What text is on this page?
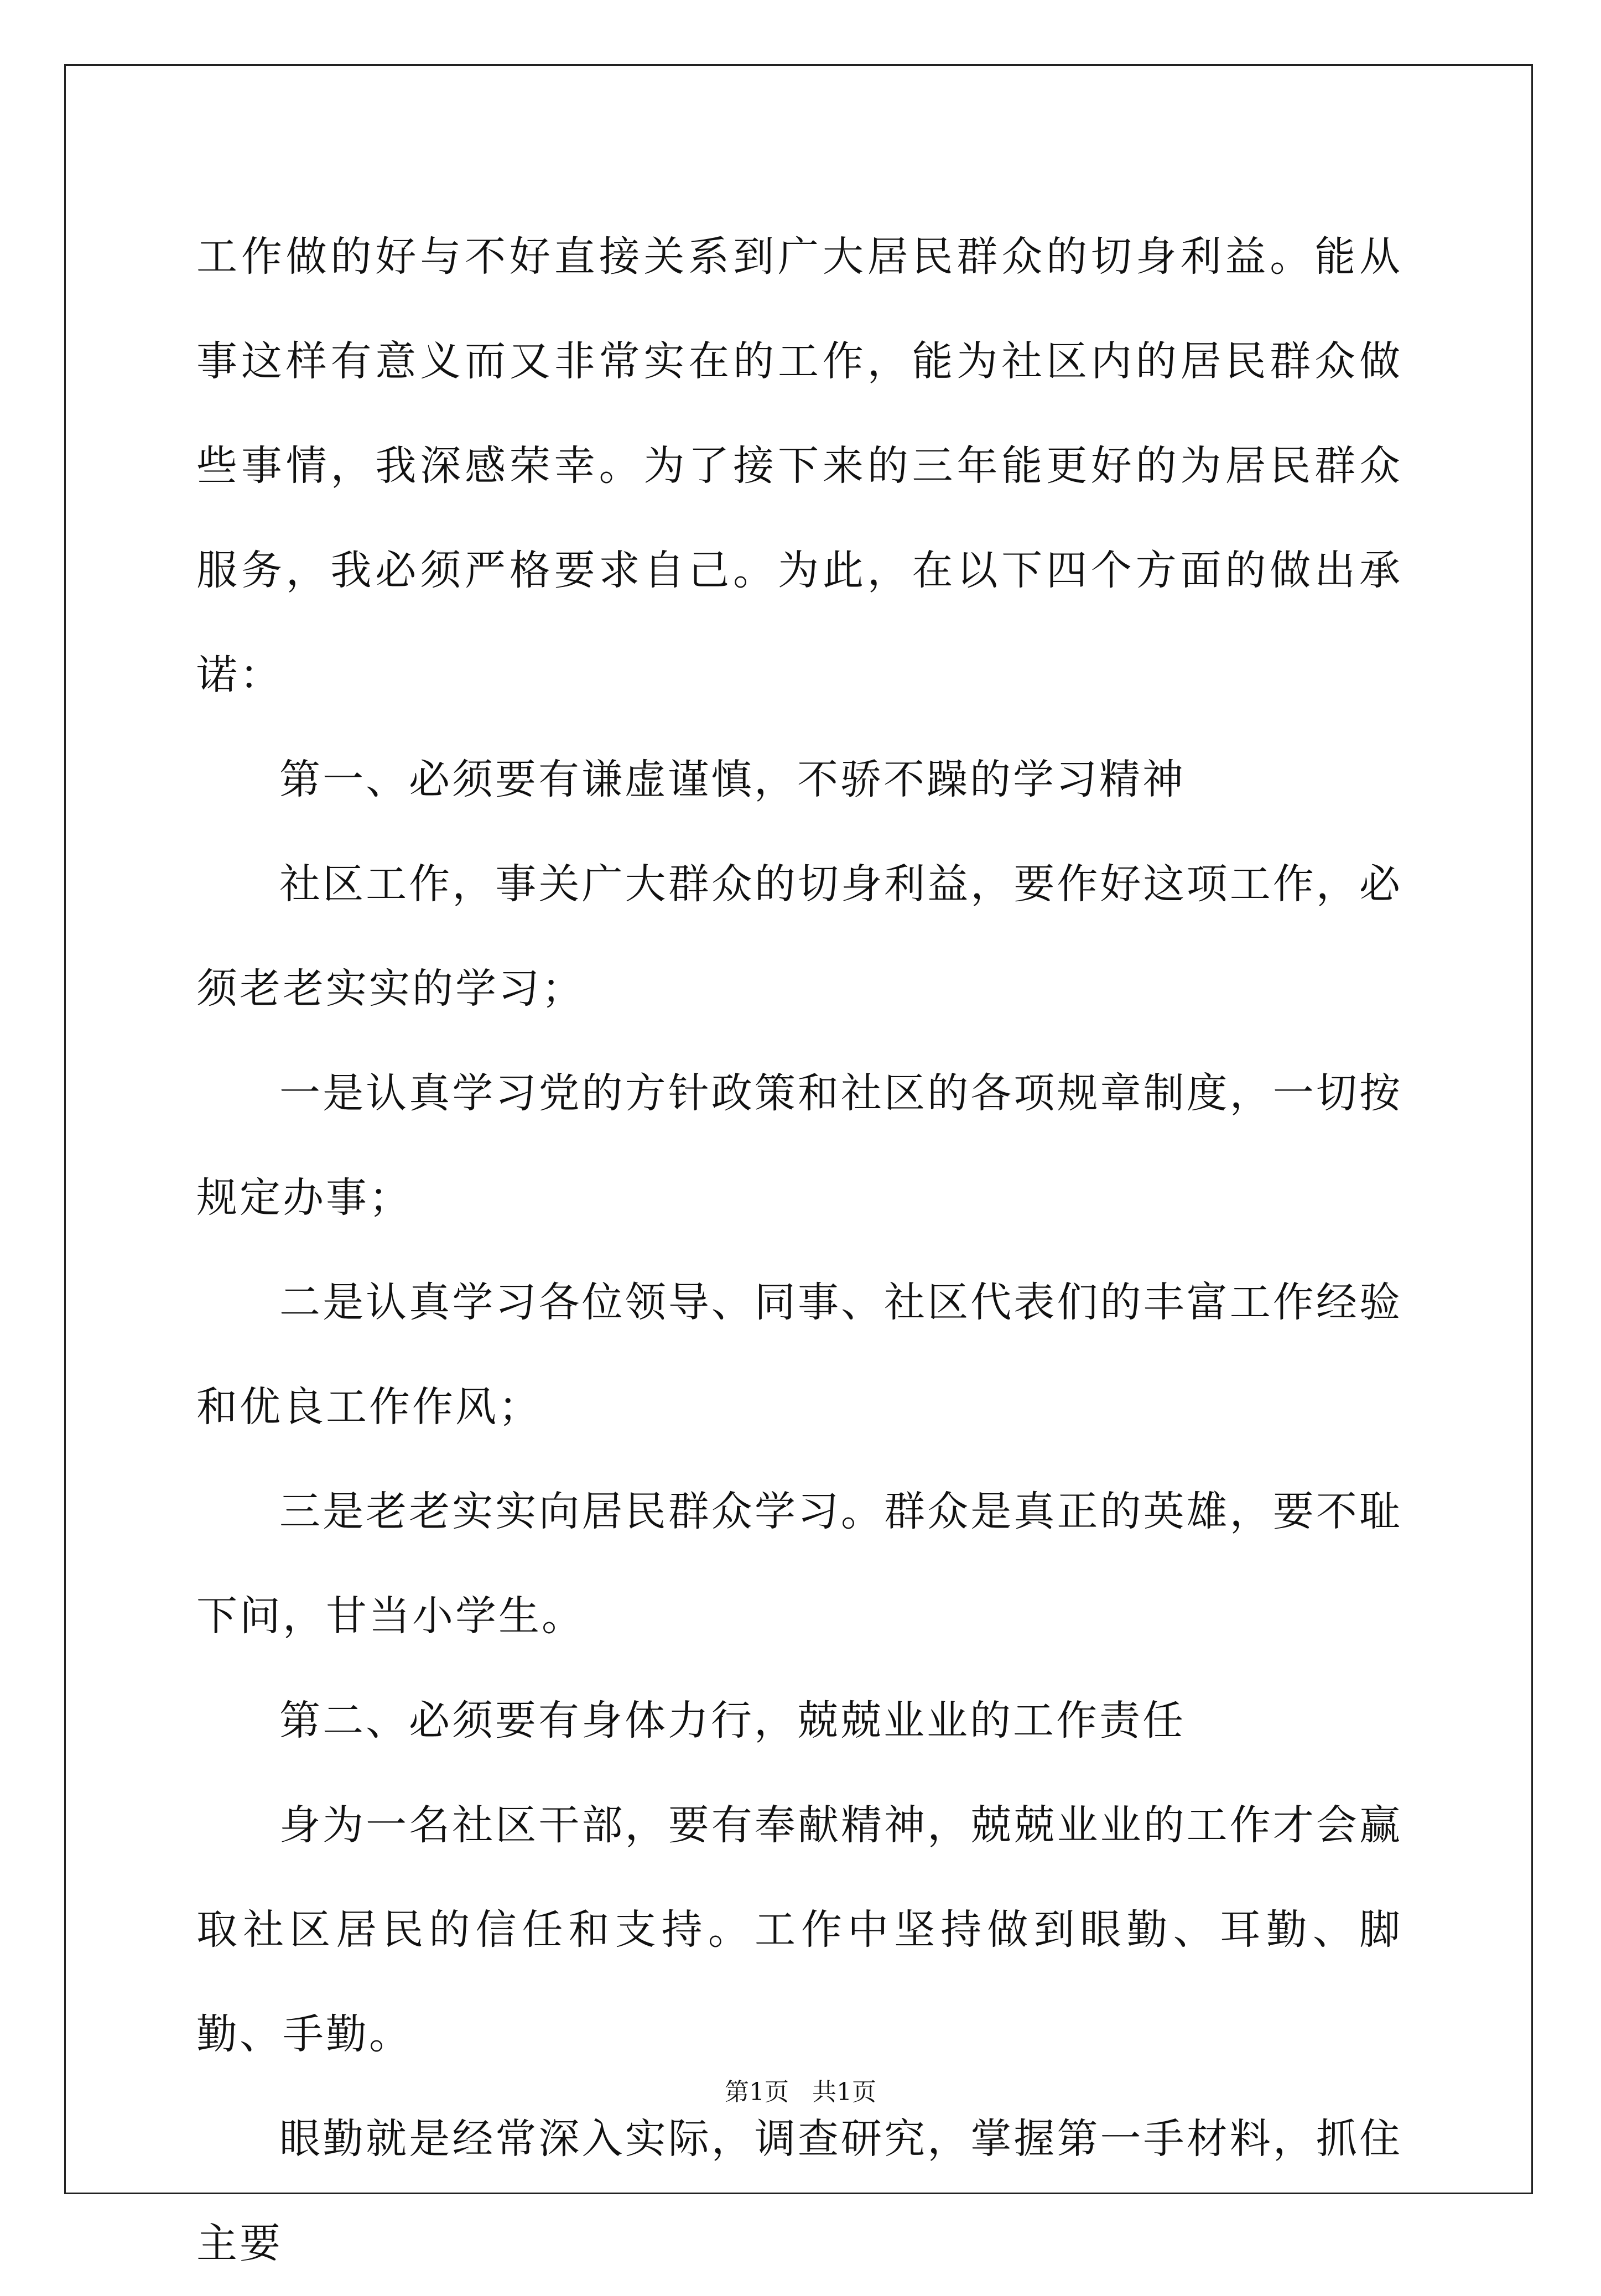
工作做的好与不好直接关系到广大居民群众的切身利益。能从事这样有意义而又非常实在的工作，能为社区内的居民群众做些事情，我深感荣幸。为了接下来的三年能更好的为居民群众服务，我必须严格要求自己。为此，在以下四个方面的做出承诺：

第一、必须要有谦虚谨慎，不骄不躁的学习精神

社区工作，事关广大群众的切身利益，要作好这项工作，必须老老实实的学习；

一是认真学习党的方针政策和社区的各项规章制度，一切按规定办事；

二是认真学习各位领导、同事、社区代表们的丰富工作经验和优良工作作风；

三是老老实实向居民群众学习。群众是真正的英雄，要不耻下问，甘当小学生。

第二、必须要有身体力行，兢兢业业的工作责任

身为一名社区干部，要有奉献精神，兢兢业业的工作才会赢取社区居民的信任和支持。工作中坚持做到眼勤、耳勤、脚勤、手勤。

眼勤就是经常深入实际，调查研究，掌握第一手材料，抓住主要

第1页   共1页
